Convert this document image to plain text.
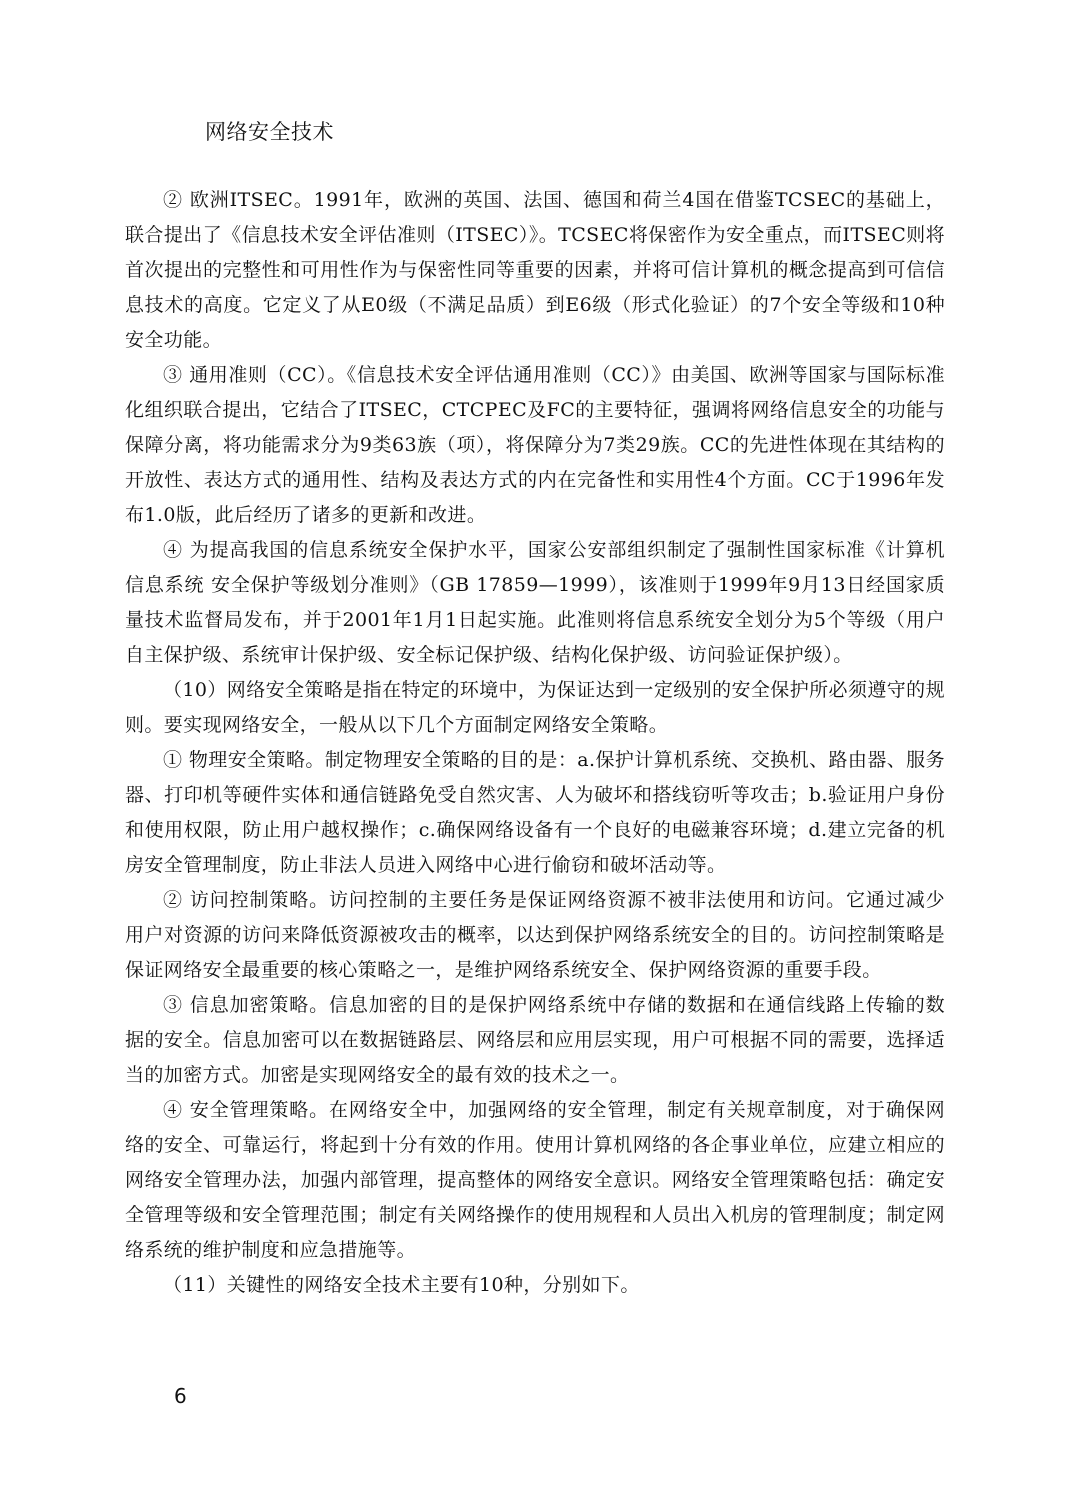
网络安全技术

② 欧洲ITSEC。1991年，欧洲的英国、法国、德国和荷兰4国在借鉴TCSEC的基础上，联合提出了《信息技术安全评估准则（ITSEC）》。TCSEC将保密作为安全重点，而ITSEC则将首次提出的完整性和可用性作为与保密性同等重要的因素，并将可信计算机的概念提高到可信信息技术的高度。它定义了从E0级（不满足品质）到E6级（形式化验证）的7个安全等级和10种安全功能。

③ 通用准则（CC）。《信息技术安全评估通用准则（CC）》由美国、欧洲等国家与国际标准化组织联合提出，它结合了ITSEC，CTCPEC及FC的主要特征，强调将网络信息安全的功能与保障分离，将功能需求分为9类63族（项），将保障分为7类29族。CC的先进性体现在其结构的开放性、表达方式的通用性、结构及表达方式的内在完备性和实用性4个方面。CC于1996年发布1.0版，此后经历了诸多的更新和改进。

④ 为提高我国的信息系统安全保护水平，国家公安部组织制定了强制性国家标准《计算机信息系统 安全保护等级划分准则》（GB 17859—1999），该准则于1999年9月13日经国家质量技术监督局发布，并于2001年1月1日起实施。此准则将信息系统安全划分为5个等级（用户自主保护级、系统审计保护级、安全标记保护级、结构化保护级、访问验证保护级）。

（10）网络安全策略是指在特定的环境中，为保证达到一定级别的安全保护所必须遵守的规则。要实现网络安全，一般从以下几个方面制定网络安全策略。

① 物理安全策略。制定物理安全策略的目的是：a.保护计算机系统、交换机、路由器、服务器、打印机等硬件实体和通信链路免受自然灾害、人为破坏和搭线窃听等攻击；b.验证用户身份和使用权限，防止用户越权操作；c.确保网络设备有一个良好的电磁兼容环境；d.建立完备的机房安全管理制度，防止非法人员进入网络中心进行偷窃和破坏活动等。

② 访问控制策略。访问控制的主要任务是保证网络资源不被非法使用和访问。它通过减少用户对资源的访问来降低资源被攻击的概率，以达到保护网络系统安全的目的。访问控制策略是保证网络安全最重要的核心策略之一，是维护网络系统安全、保护网络资源的重要手段。

③ 信息加密策略。信息加密的目的是保护网络系统中存储的数据和在通信线路上传输的数据的安全。信息加密可以在数据链路层、网络层和应用层实现，用户可根据不同的需要，选择适当的加密方式。加密是实现网络安全的最有效的技术之一。

④ 安全管理策略。在网络安全中，加强网络的安全管理，制定有关规章制度，对于确保网络的安全、可靠运行，将起到十分有效的作用。使用计算机网络的各企事业单位，应建立相应的网络安全管理办法，加强内部管理，提高整体的网络安全意识。网络安全管理策略包括：确定安全管理等级和安全管理范围；制定有关网络操作的使用规程和人员出入机房的管理制度；制定网络系统的维护制度和应急措施等。

（11）关键性的网络安全技术主要有10种，分别如下。

6
